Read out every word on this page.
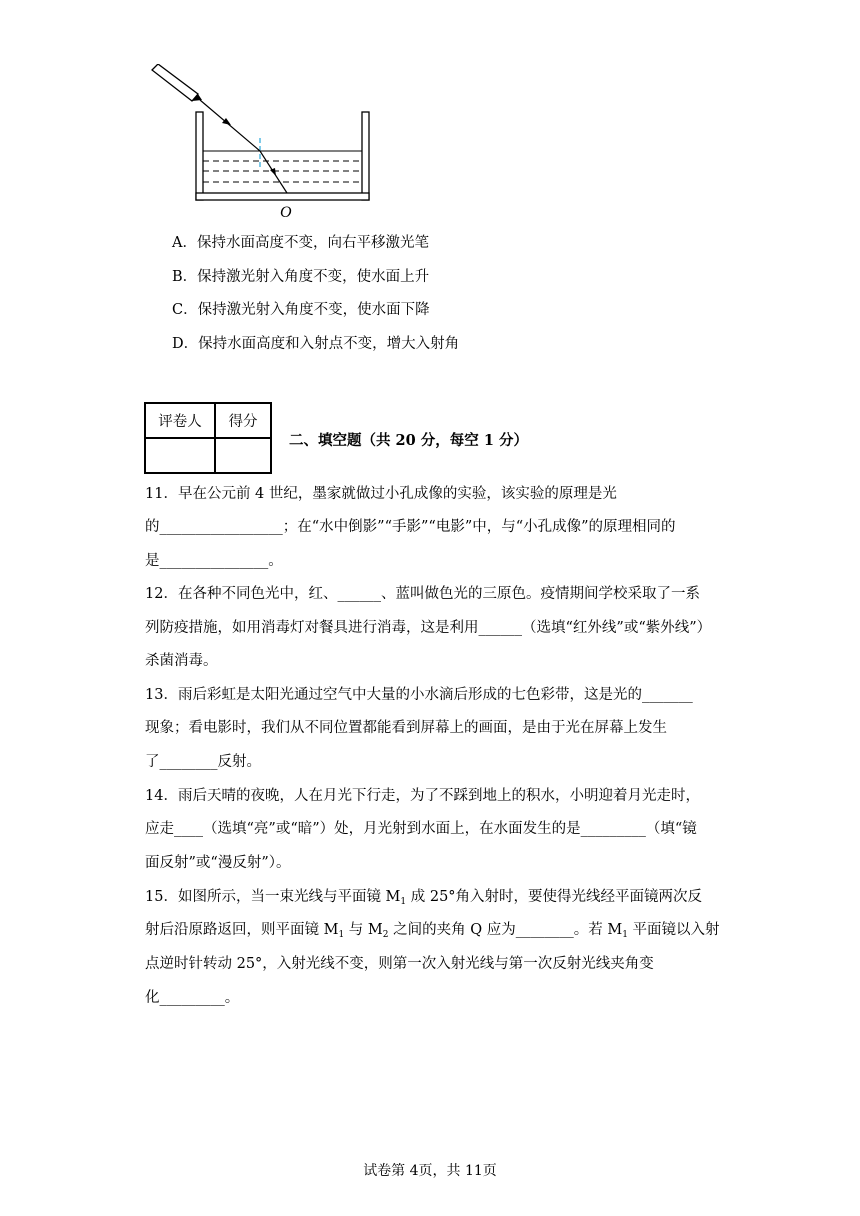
O
A．保持水面高度不变，向右平移激光笔
B．保持激光射入角度不变，使水面上升
C．保持激光射入角度不变，使水面下降
D．保持水面高度和入射点不变，增大入射角
评卷人	得分

二、填空题（共 20 分，每空 1 分）
11．早在公元前 4 世纪，墨家就做过小孔成像的实验，该实验的原理是光
的_________________；在“水中倒影”“手影”“电影”中，与“小孔成像”的原理相同的
是_______________。
12．在各种不同色光中，红、______、蓝叫做色光的三原色。疫情期间学校采取了一系
列防疫措施，如用消毒灯对餐具进行消毒，这是利用______（选填“红外线”或“紫外线”）
杀菌消毒。
13．雨后彩虹是太阳光通过空气中大量的小水滴后形成的七色彩带，这是光的_______
现象；看电影时，我们从不同位置都能看到屏幕上的画面，是由于光在屏幕上发生
了________反射。
14．雨后天晴的夜晚，人在月光下行走，为了不踩到地上的积水，小明迎着月光走时，
应走____（选填“亮”或“暗”）处，月光射到水面上，在水面发生的是_________（填“镜
面反射”或“漫反射”）。
15．如图所示，当一束光线与平面镜 $M_1$ 成 25°角入射时，要使得光线经平面镜两次反
射后沿原路返回，则平面镜 $M_1$ 与 $M_2$ 之间的夹角 Q 应为________。若 $M_1$ 平面镜以入射
点逆时针转动 25°，入射光线不变，则第一次入射光线与第一次反射光线夹角变
化_________。
试卷第 4页，共 11页
